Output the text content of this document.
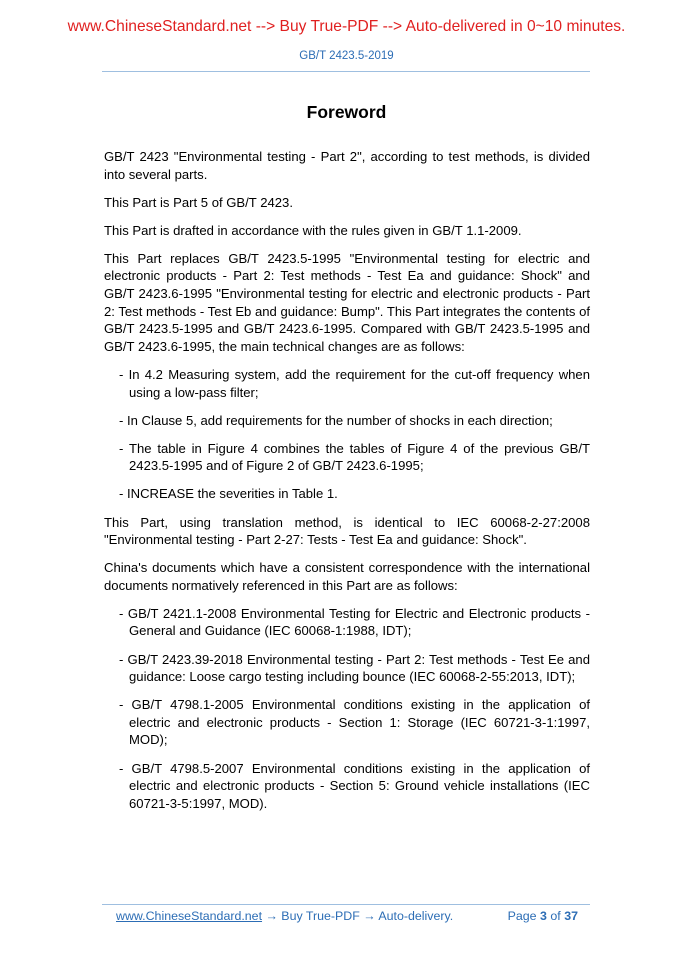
www.ChineseStandard.net --> Buy True-PDF --> Auto-delivered in 0~10 minutes.
GB/T 2423.5-2019
Foreword

GB/T 2423 "Environmental testing - Part 2", according to test methods, is divided into several parts.

This Part is Part 5 of GB/T 2423.

This Part is drafted in accordance with the rules given in GB/T 1.1-2009.

This Part replaces GB/T 2423.5-1995 "Environmental testing for electric and electronic products - Part 2: Test methods - Test Ea and guidance: Shock" and GB/T 2423.6-1995 "Environmental testing for electric and electronic products - Part 2: Test methods - Test Eb and guidance: Bump". This Part integrates the contents of GB/T 2423.5-1995 and GB/T 2423.6-1995. Compared with GB/T 2423.5-1995 and GB/T 2423.6-1995, the main technical changes are as follows:

- In 4.2 Measuring system, add the requirement for the cut-off frequency when using a low-pass filter;

- In Clause 5, add requirements for the number of shocks in each direction;

- The table in Figure 4 combines the tables of Figure 4 of the previous GB/T 2423.5-1995 and of Figure 2 of GB/T 2423.6-1995;

- INCREASE the severities in Table 1.

This Part, using translation method, is identical to IEC 60068-2-27:2008 "Environmental testing - Part 2-27: Tests - Test Ea and guidance: Shock".

China's documents which have a consistent correspondence with the international documents normatively referenced in this Part are as follows:

- GB/T 2421.1-2008 Environmental Testing for Electric and Electronic products - General and Guidance (IEC 60068-1:1988, IDT);

- GB/T 2423.39-2018 Environmental testing - Part 2: Test methods - Test Ee and guidance: Loose cargo testing including bounce (IEC 60068-2-55:2013, IDT);

- GB/T 4798.1-2005 Environmental conditions existing in the application of electric and electronic products - Section 1: Storage (IEC 60721-3-1:1997, MOD);

- GB/T 4798.5-2007 Environmental conditions existing in the application of electric and electronic products - Section 5: Ground vehicle installations (IEC 60721-3-5:1997, MOD).

www.ChineseStandard.net → Buy True-PDF → Auto-delivery.	Page 3 of 37
